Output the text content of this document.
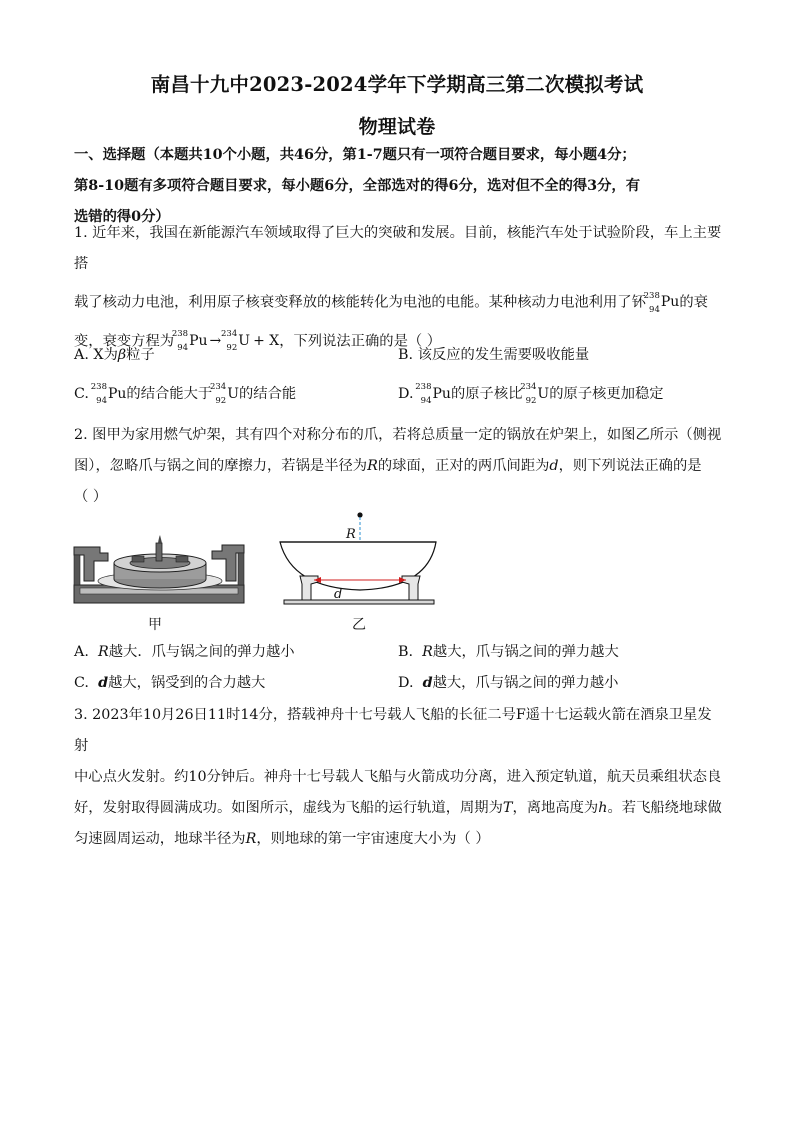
南昌十九中2023-2024学年下学期高三第二次模拟考试
物理试卷
一、选择题（本题共10个小题，共46分，第1-7题只有一项符合题目要求，每小题4分；
第8-10题有多项符合题目要求，每小题6分，全部选对的得6分，选对但不全的得3分，有
选错的得0分）
1. 近年来，我国在新能源汽车领域取得了巨大的突破和发展。目前，核能汽车处于试验阶段，车上主要搭
载了核动力电池，利用原子核衰变释放的核能转化为电池的电能。某种核动力电池利用了钚
238
94 Pu的衰
变，衰变方程为
238
94 Pu → 234
92 U + X，下列说法正确的是（ ）
A. X为β粒子	B. 该反应的发生需要吸收能量
C. 238
94 Pu的结合能大于
234
92 U的结合能	D. 238
94 Pu的原子核比
234
92 U的原子核更加稳定
2. 图甲为家用燃气炉架，其有四个对称分布的爪，若将总质量一定的锅放在炉架上，如图乙所示（侧视
图），忽略爪与锅之间的摩擦力，若锅是半径为R的球面，正对的两爪间距为d，则下列说法正确的是
（ ）
R
d
甲	乙
A. R越大．爪与锅之间的弹力越小	B. R越大，爪与锅之间的弹力越大
C. d越大，锅受到的合力越大	D. d越大，爪与锅之间的弹力越小
3. 2023年10月26日11时14分，搭载神舟十七号载人飞船的长征二号F遥十七运载火箭在酒泉卫星发射
中心点火发射。约10分钟后。神舟十七号载人飞船与火箭成功分离，进入预定轨道，航天员乘组状态良
好，发射取得圆满成功。如图所示，虚线为飞船的运行轨道，周期为T，离地高度为h。若飞船绕地球做
匀速圆周运动，地球半径为R，则地球的第一宇宙速度大小为（ ）
